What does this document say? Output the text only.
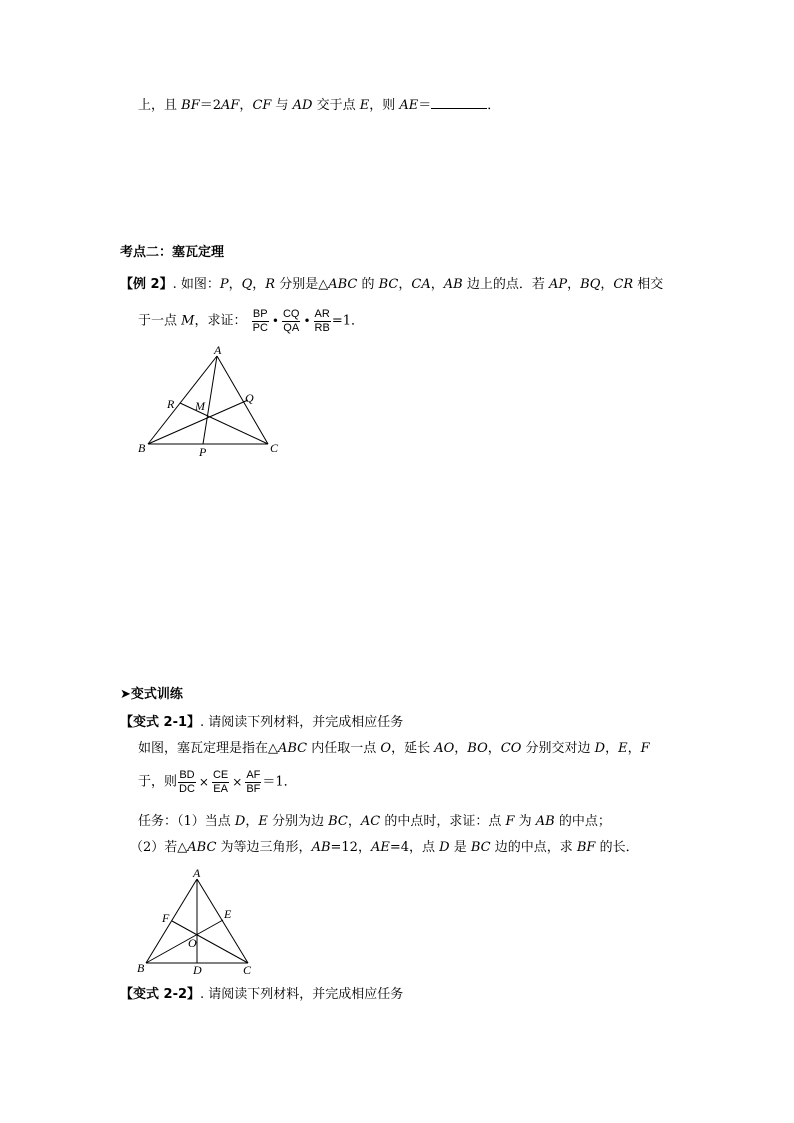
上，且 BF＝2AF，CF 与 AD 交于点 E，则 AE＝	．
考点二：塞瓦定理
【例 2】. 如图：P，Q，R 分别是△ABC 的 BC，CA，AB 边上的点．若 AP，BQ，CR 相交
于一点 M，求证： $\frac{BP}{PC}$ • $\frac{CQ}{QA}$ • $\frac{AR}{RB} =1$．
A
B	C
P
Q
R M
➤变式训练
【变式 2-1】. 请阅读下列材料，并完成相应任务
如图，塞瓦定理是指在△ABC 内任取一点 O，延长 AO，BO，CO 分别交对边 D，E，F
于，则 $\frac{BD}{DC} \times \frac{CE}{EA} \times \frac{AF}{BF} =1$．
任务：（1）当点 D，E 分别为边 BC，AC 的中点时，求证：点 F 为 AB 的中点；
（2）若△ABC 为等边三角形，AB=12，AE=4，点 D 是 BC 边的中点，求 BF 的长．
A
B	C
D
E
F
O
【变式 2-2】. 请阅读下列材料，并完成相应任务
